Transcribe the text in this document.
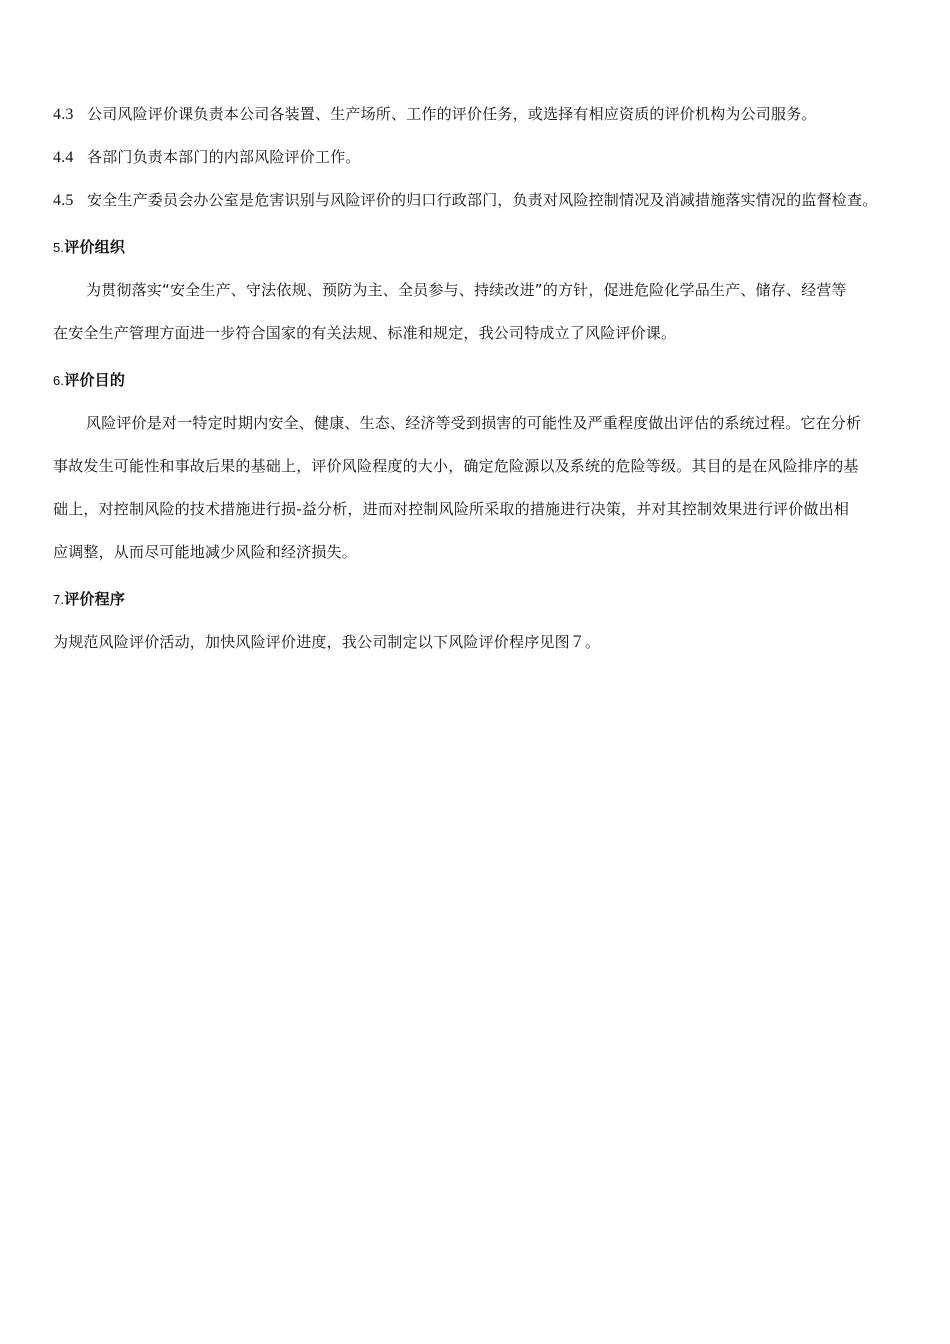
4.3 公司风险评价课负责本公司各装置、生产场所、工作的评价任务，或选择有相应资质的评价机构为公司服务。
4.4 各部门负责本部门的内部风险评价工作。
4.5 安全生产委员会办公室是危害识别与风险评价的归口行政部门，负责对风险控制情况及消减措施落实情况的监督检查。
5.评价组织
为贯彻落实“安全生产、守法依规、预防为主、全员参与、持续改进”的方针，促进危险化学品生产、储存、经营等
在安全生产管理方面进一步符合国家的有关法规、标准和规定，我公司特成立了风险评价课。
6.评价目的
风险评价是对一特定时期内安全、健康、生态、经济等受到损害的可能性及严重程度做出评估的系统过程。它在分析
事故发生可能性和事故后果的基础上，评价风险程度的大小，确定危险源以及系统的危险等级。其目的是在风险排序的基
础上，对控制风险的技术措施进行损-益分析，进而对控制风险所采取的措施进行决策，并对其控制效果进行评价做出相
应调整，从而尽可能地减少风险和经济损失。
7.评价程序
为规范风险评价活动，加快风险评价进度，我公司制定以下风险评价程序见图７。
